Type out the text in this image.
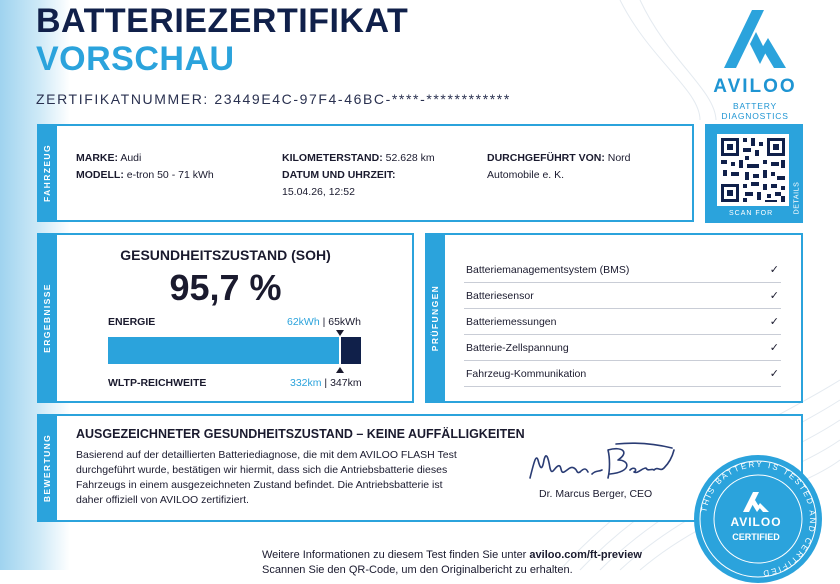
BATTERIEZERTIFIKAT
VORSCHAU
ZERTIFIKATNUMMER: 23449E4C-97F4-46BC-****-************
AVILOO
BATTERY DIAGNOSTICS
FAHRZEUG MARKE: Audi
MODELL: e-tron 50 - 71 kWh
KILOMETERSTAND: 52.628 km
DATUM UND UHRZEIT:
15.04.26, 12:52
DURCHGEFÜHRT VON: Nord
Automobile e. K.
SCAN FOR	DETAILS
ERGEBNISSE
GESUNDHEITSZUSTAND (SOH)
95,7 %
ENERGIE	62kWh | 65kWh
WLTP-REICHWEITE	332km | 347km
PRÜFUNGEN
Batteriemanagementsystem (BMS)	✓
Batteriesensor	✓
Batteriemessungen	✓
Batterie-Zellspannung	✓
Fahrzeug-Kommunikation	✓
BEWERTUNG AUSGEZEICHNETER GESUNDHEITSZUSTAND – KEINE AUFFÄLLIGKEITEN
Basierend auf der detaillierten Batteriediagnose, die mit dem AVILOO FLASH Test
durchgeführt wurde, bestätigen wir hiermit, dass sich die Antriebsbatterie dieses
Fahrzeugs in einem ausgezeichneten Zustand befindet. Die Antriebsbatterie ist
daher offiziell von AVILOO zertifiziert.	Dr. Marcus Berger, CEO
THIS BATTERY IS TESTED AND CERTIFIED
AVILOO
CERTIFIED
Weitere Informationen zu diesem Test finden Sie unter aviloo.com/ft-preview
Scannen Sie den QR-Code, um den Originalbericht zu erhalten.
